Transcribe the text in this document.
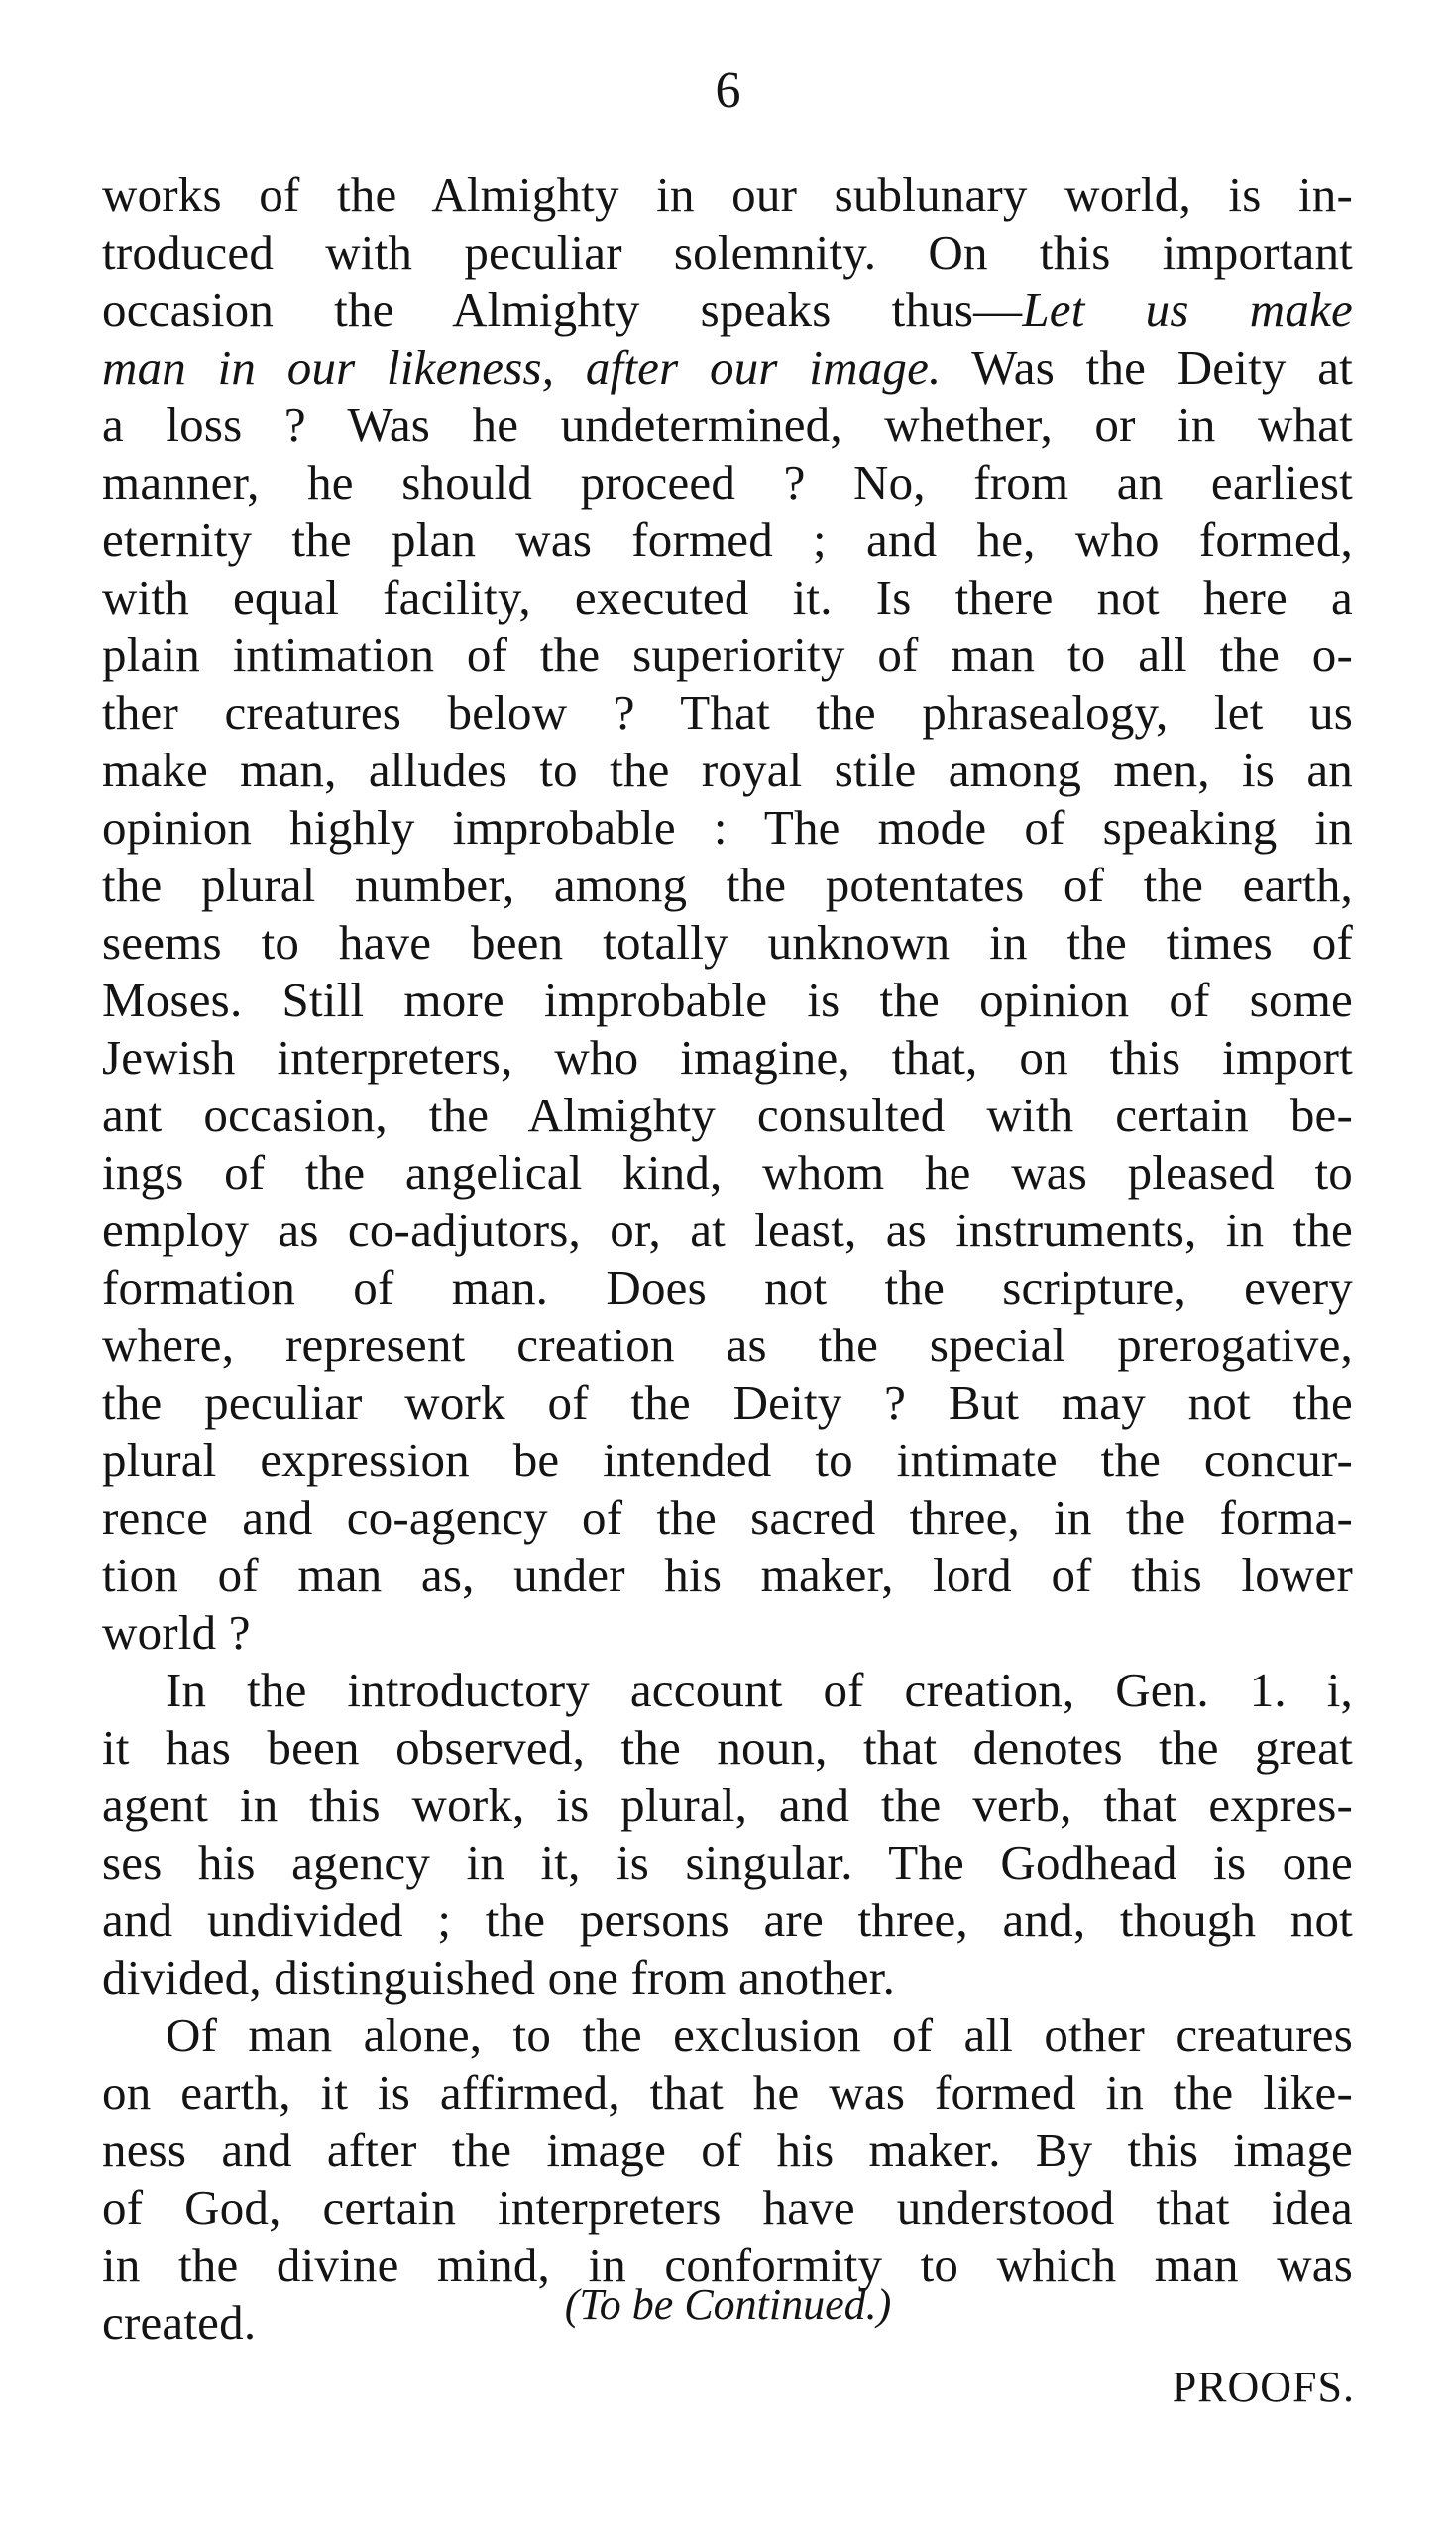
6
works of the Almighty in our sublunary world, is in-
troduced with peculiar solemnity. On this important
occasion the Almighty speaks thus—Let us make
man in our likeness, after our image. Was the Deity at
a loss ? Was he undetermined, whether, or in what
manner, he should proceed ? No, from an earliest
eternity the plan was formed ; and he, who formed,
with equal facility, executed it. Is there not here a
plain intimation of the superiority of man to all the o-
ther creatures below ? That the phrasealogy, let us
make man, alludes to the royal stile among men, is an
opinion highly improbable : The mode of speaking in
the plural number, among the potentates of the earth,
seems to have been totally unknown in the times of
Moses. Still more improbable is the opinion of some
Jewish interpreters, who imagine, that, on this import
ant occasion, the Almighty consulted with certain be-
ings of the angelical kind, whom he was pleased to
employ as co-adjutors, or, at least, as instruments, in the
formation of man. Does not the scripture, every
where, represent creation as the special prerogative,
the peculiar work of the Deity ? But may not the
plural expression be intended to intimate the concur-
rence and co-agency of the sacred three, in the forma-
tion of man as, under his maker, lord of this lower
world ?
In the introductory account of creation, Gen. 1. i,
it has been observed, the noun, that denotes the great
agent in this work, is plural, and the verb, that expres-
ses his agency in it, is singular. The Godhead is one
and undivided ; the persons are three, and, though not
divided, distinguished one from another.
Of man alone, to the exclusion of all other creatures
on earth, it is affirmed, that he was formed in the like-
ness and after the image of his maker. By this image
of God, certain interpreters have understood that idea
in the divine mind, in conformity to which man was
created.	(To be Continued.)
PROOFS.
